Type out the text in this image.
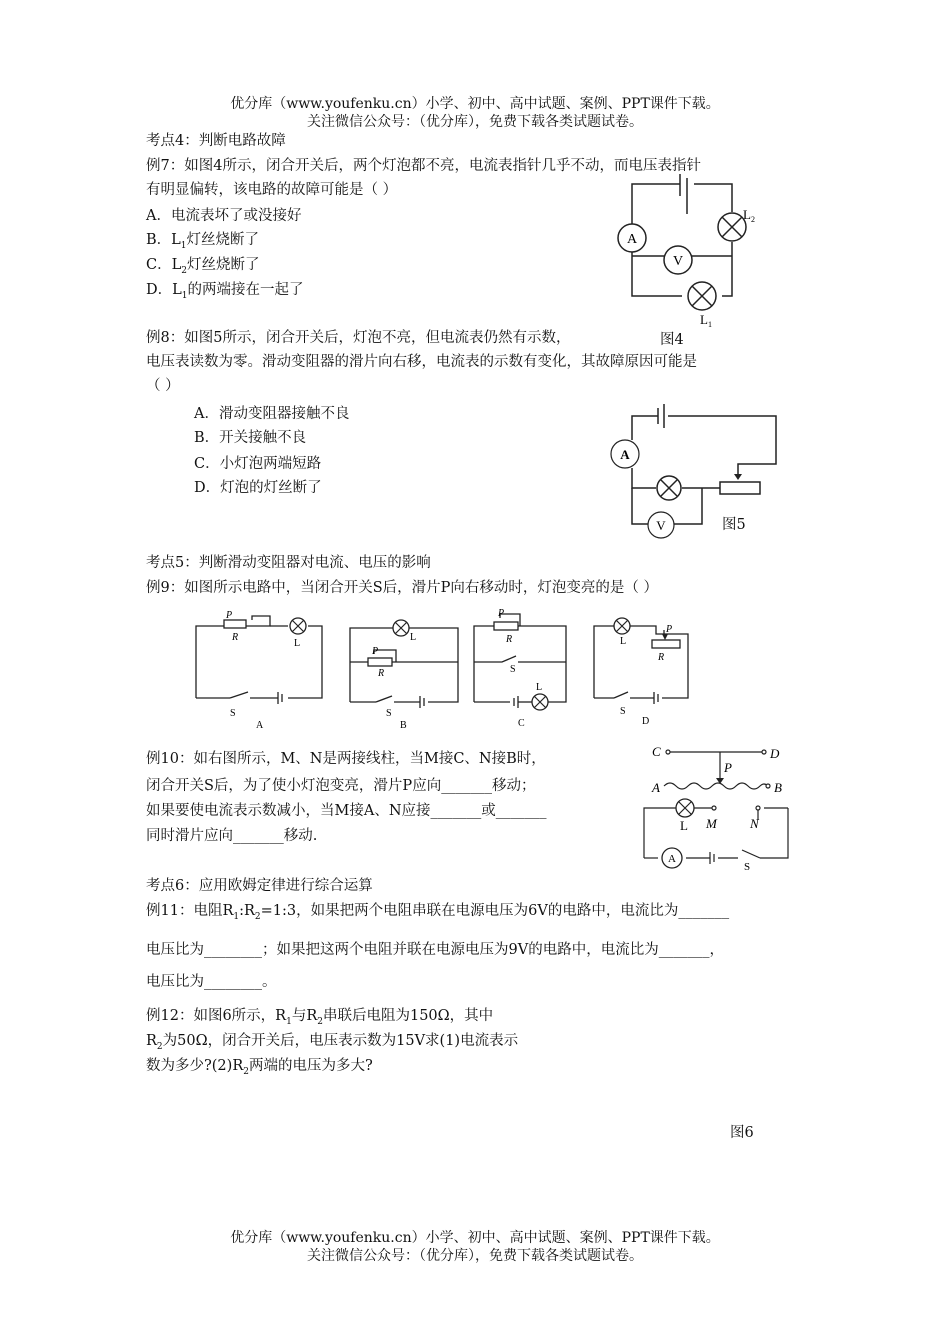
优分库（www.youfenku.cn）小学、初中、高中试题、案例、PPT课件下载。
关注微信公众号：（优分库），免费下载各类试题试卷。
考点4：判断电路故障
例7：如图4所示，闭合开关后，两个灯泡都不亮，电流表指针几乎不动，而电压表指针
有明显偏转，该电路的故障可能是（ ）
A．电流表坏了或没接好
B．$L_1$灯丝烧断了
C．$L_2$灯丝烧断了
D．$L_1$的两端接在一起了
A
V
$L_2$
$L_1$
图4
例8：如图5所示，闭合开关后，灯泡不亮，但电流表仍然有示数，
电压表读数为零。滑动变阻器的滑片向右移，电流表的示数有变化，其故障原因可能是
（ ）
A．滑动变阻器接触不良
B．开关接触不良
C．小灯泡两端短路
D．灯泡的灯丝断了
A
V	图5
考点5：判断滑动变阻器对电流、电压的影响
例9：如图所示电路中，当闭合开关S后，滑片P向右移动时，灯泡变亮的是（ ）
P
R
L
S
A
P
R
L
S
B
P
R
L
S
C
P
R
L
S
D
例10：如右图所示，M、N是两接线柱，当M接C、N接B时，
闭合开关S后，为了使小灯泡变亮，滑片P应向_______移动；
如果要使电流表示数减小，当M接A、N应接_______或_______
同时滑片应向_______移动.
A
C	D
P
A	B
L M	N
S
考点6：应用欧姆定律进行综合运算
例11：电阻$R_1:R_2=1:3$，如果把两个电阻串联在电源电压为6V的电路中，电流比为_______
电压比为________；如果把这两个电阻并联在电源电压为9V的电路中，电流比为_______，
电压比为________。
例12：如图6所示，$R_1$与$R_2$串联后电阻为150Ω，其中
$R_2$为50Ω，闭合开关后，电压表示数为15V求(1)电流表示
数为多少$?(2)R_2$两端的电压为多大?
图6
优分库（www.youfenku.cn）小学、初中、高中试题、案例、PPT课件下载。
关注微信公众号：（优分库），免费下载各类试题试卷。
